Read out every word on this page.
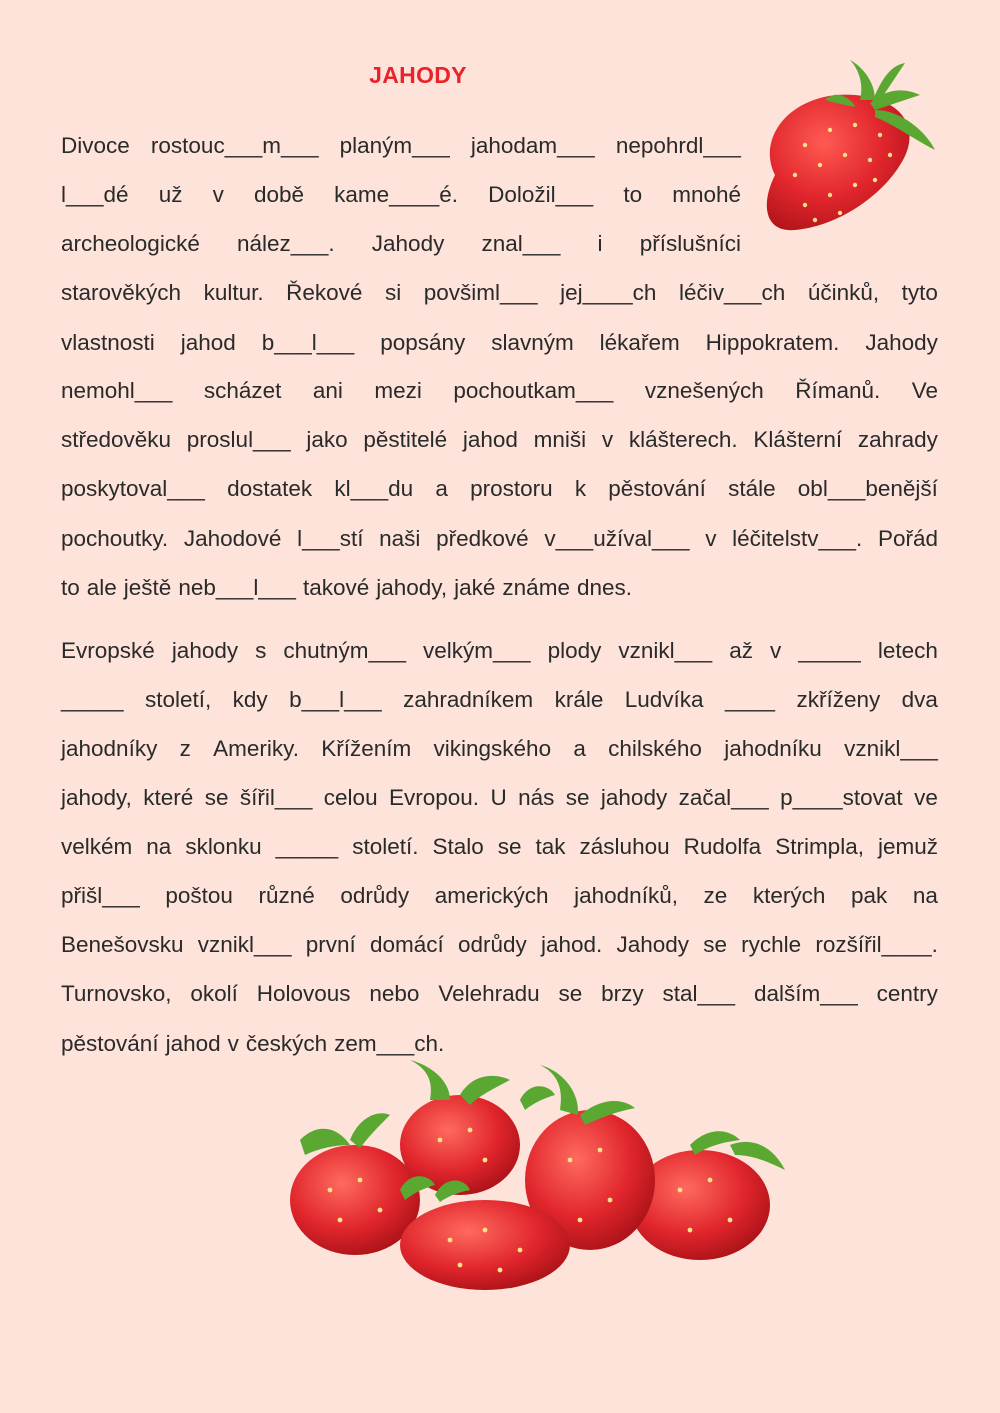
JAHODY
Divoce rostouc___m___ planým___ jahodam___ nepohrdl___
l___dé už v době kame____é. Doložil___ to mnohé
archeologické nález___. Jahody znal___ i příslušníci
starověkých kultur. Řekové si povšiml___ jej____ch léčiv___ch účinků, tyto
vlastnosti jahod b___l___ popsány slavným lékařem Hippokratem. Jahody
nemohl___ scházet ani mezi pochoutkam___ vznešených Římanů. Ve
středověku proslul___ jako pěstitelé jahod mniši v klášterech. Klášterní zahrady
poskytoval___ dostatek kl___du a prostoru k pěstování stále obl___benější
pochoutky. Jahodové l___stí naši předkové v___užíval___ v léčitelstv___. Pořád
to ale ještě neb___l___ takové jahody, jaké známe dnes.
Evropské jahody s chutným___ velkým___ plody vznikl___ až v _____ letech
_____ století, kdy b___l___ zahradníkem krále Ludvíka ____ zkříženy dva
jahodníky z Ameriky. Křížením vikingského a chilského jahodníku vznikl___
jahody, které se šířil___ celou Evropou. U nás se jahody začal___ p____stovat ve
velkém na sklonku _____ století. Stalo se tak zásluhou Rudolfa Strimpla, jemuž
přišl___ poštou různé odrůdy amerických jahodníků, ze kterých pak na
Benešovsku vznikl___ první domácí odrůdy jahod. Jahody se rychle rozšířil____.
Turnovsko, okolí Holovous nebo Velehradu se brzy stal___ dalším___ centry
pěstování jahod v českých zem___ch.
